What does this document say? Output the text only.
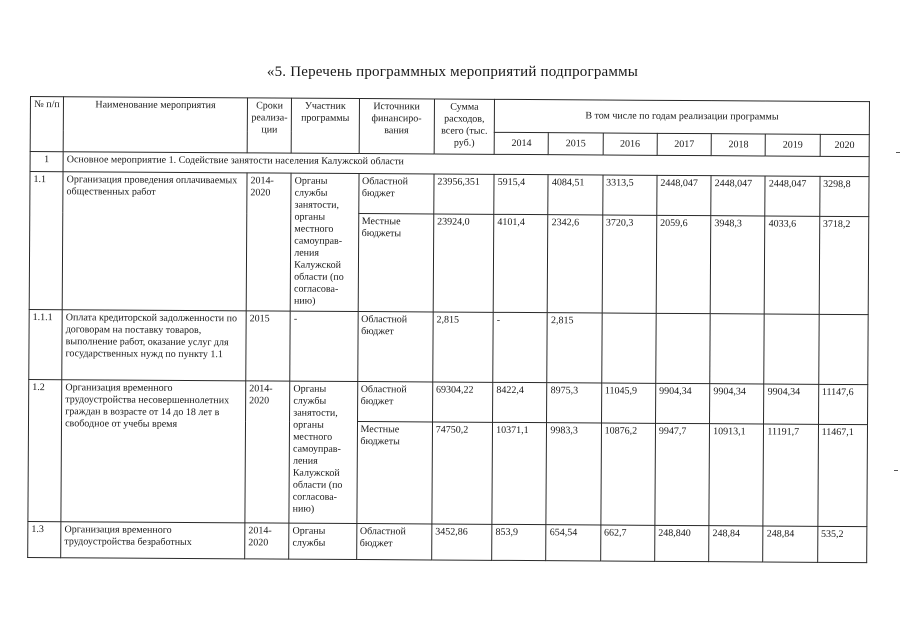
«5. Перечень программных мероприятий подпрограммы
№ п/п	Наименование мероприятия	Сроки реализа-ции	Участник программы	Источники финансиро-вания	Сумма расходов, всего (тыс. руб.)	В том числе по годам реализации программы						
						2014	2015	2016	2017	2018	2019	2020
1	Основное мероприятие 1. Содействие занятости населения Калужской области											
1.1	Организация проведения оплачиваемых общественных работ	2014-2020	Органы службы занятости, органы местного самоуправ-ления Калужской области (по согласова-нию)	Областной бюджет	23956,351	5915,4	4084,51	3313,5	2448,047	2448,047	2448,047	3298,8
				Местные бюджеты	23924,0	4101,4	2342,6	3720,3	2059,6	3948,3	4033,6	3718,2
1.1.1	Оплата кредиторской задолженности по договорам на поставку товаров, выполнение работ, оказание услуг для государственных нужд по пункту 1.1	2015	-	Областной бюджет	2,815	-	2,815					
1.2	Организация временного трудоустройства несовершеннолетних граждан в возрасте от 14 до 18 лет в свободное от учебы время	2014-2020	Органы службы занятости, органы местного самоуправ-ления Калужской области (по согласова-нию)	Областной бюджет	69304,22	8422,4	8975,3	11045,9	9904,34	9904,34	9904,34	11147,6
				Местные бюджеты	74750,2	10371,1	9983,3	10876,2	9947,7	10913,1	11191,7	11467,1
1.3	Организация временного трудоустройства безработных	2014-2020	Органы службы	Областной бюджет	3452,86	853,9	654,54	662,7	248,840	248,84	248,84	535,2
